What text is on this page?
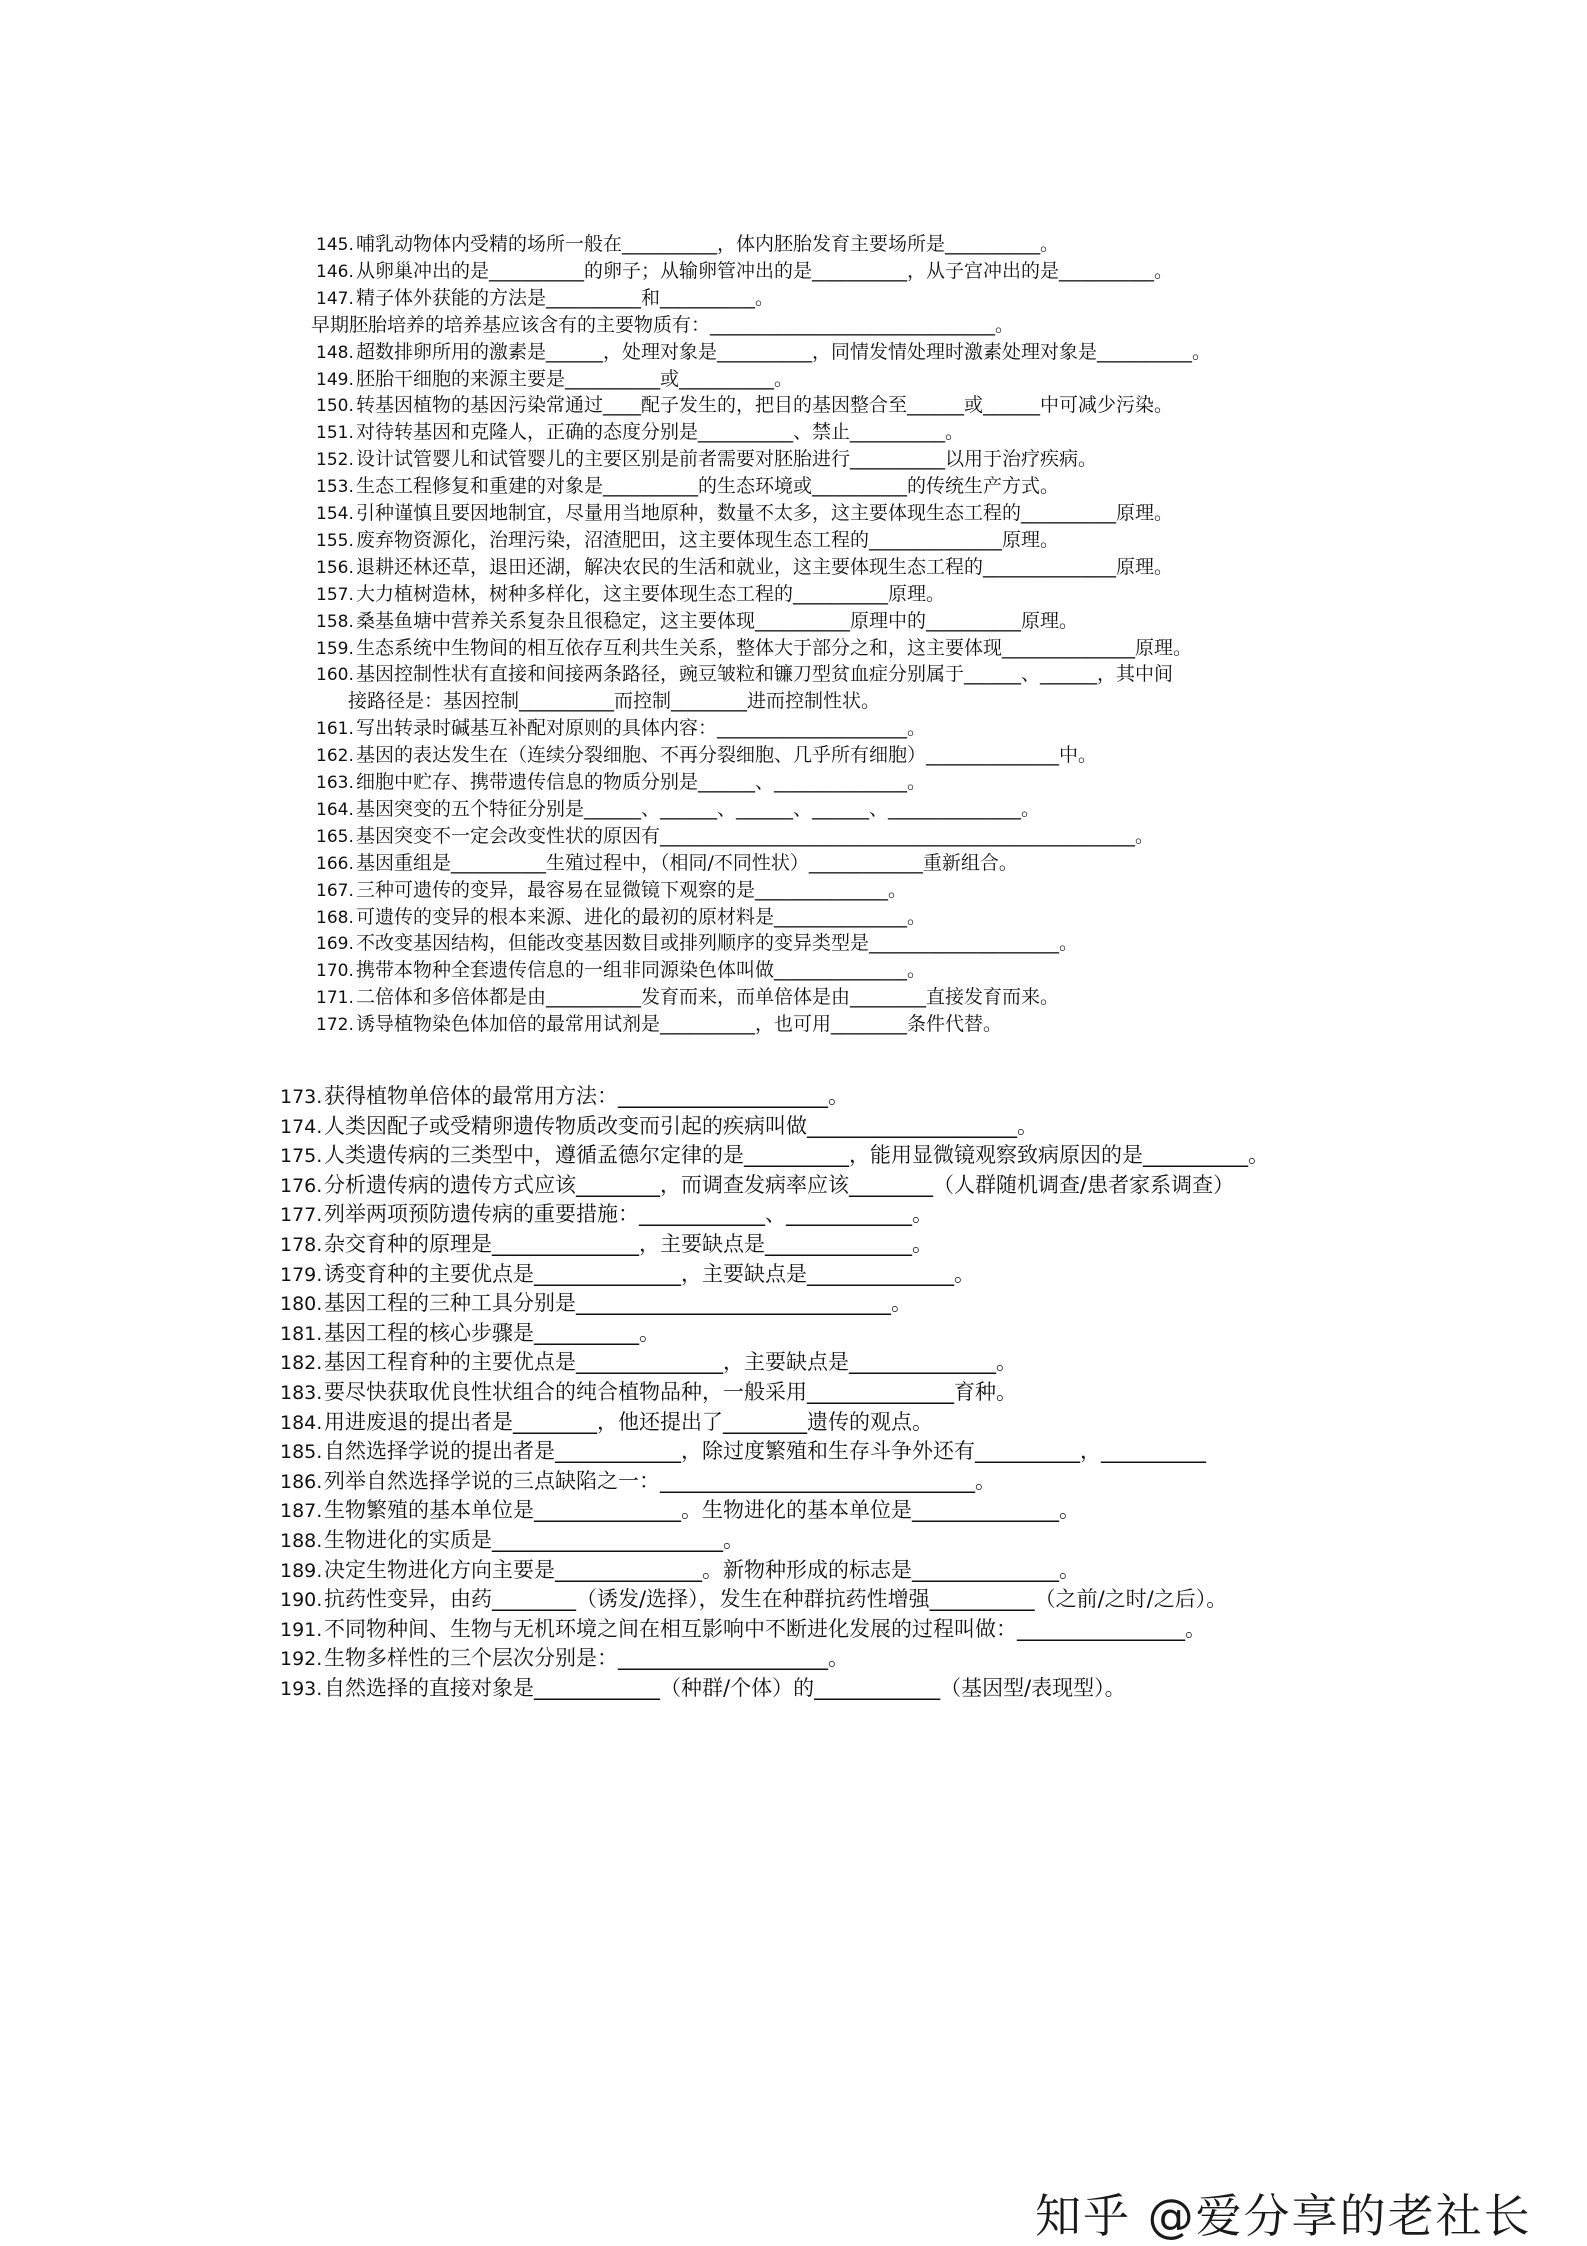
145. 哺乳动物体内受精的场所一般在__________，体内胚胎发育主要场所是__________。
146. 从卵巢冲出的是__________的卵子；从输卵管冲出的是__________，从子宫冲出的是__________。
147. 精子体外获能的方法是__________和__________。
早期胚胎培养的培养基应该含有的主要物质有：______________________________。
148. 超数排卵所用的激素是______，处理对象是__________，同情发情处理时激素处理对象是__________。
149. 胚胎干细胞的来源主要是__________或__________。
150. 转基因植物的基因污染常通过____配子发生的，把目的基因整合至______或______中可减少污染。
151. 对待转基因和克隆人，正确的态度分别是__________、禁止__________。
152. 设计试管婴儿和试管婴儿的主要区别是前者需要对胚胎进行__________以用于治疗疾病。
153. 生态工程修复和重建的对象是__________的生态环境或__________的传统生产方式。
154. 引种谨慎且要因地制宜，尽量用当地原种，数量不太多，这主要体现生态工程的__________原理。
155. 废弃物资源化，治理污染，沼渣肥田，这主要体现生态工程的______________原理。
156. 退耕还林还草，退田还湖，解决农民的生活和就业，这主要体现生态工程的______________原理。
157. 大力植树造林，树种多样化，这主要体现生态工程的__________原理。
158. 桑基鱼塘中营养关系复杂且很稳定，这主要体现__________原理中的__________原理。
159. 生态系统中生物间的相互依存互利共生关系，整体大于部分之和，这主要体现______________原理。
160. 基因控制性状有直接和间接两条路径，豌豆皱粒和镰刀型贫血症分别属于______、______，其中间
接路径是：基因控制__________而控制________进而控制性状。
161. 写出转录时碱基互补配对原则的具体内容：____________________。
162. 基因的表达发生在（连续分裂细胞、不再分裂细胞、几乎所有细胞）______________中。
163. 细胞中贮存、携带遗传信息的物质分别是______、______________。
164. 基因突变的五个特征分别是______、______、______、______、______________。
165. 基因突变不一定会改变性状的原因有__________________________________________________。
166. 基因重组是__________生殖过程中，（相同/不同性状）____________重新组合。
167. 三种可遗传的变异，最容易在显微镜下观察的是______________。
168. 可遗传的变异的根本来源、进化的最初的原材料是______________。
169. 不改变基因结构，但能改变基因数目或排列顺序的变异类型是____________________。
170. 携带本物种全套遗传信息的一组非同源染色体叫做______________。
171. 二倍体和多倍体都是由__________发育而来，而单倍体是由________直接发育而来。
172. 诱导植物染色体加倍的最常用试剂是__________，也可用________条件代替。
173.获得植物单倍体的最常用方法：____________________。
174.人类因配子或受精卵遗传物质改变而引起的疾病叫做____________________。
175.人类遗传病的三类型中，遵循孟德尔定律的是__________，能用显微镜观察致病原因的是__________。
176.分析遗传病的遗传方式应该________，而调查发病率应该________（人群随机调查/患者家系调查）
177.列举两项预防遗传病的重要措施：____________、____________。
178.杂交育种的原理是______________，主要缺点是______________。
179.诱变育种的主要优点是______________，主要缺点是______________。
180.基因工程的三种工具分别是______________________________。
181.基因工程的核心步骤是__________。
182.基因工程育种的主要优点是______________，主要缺点是______________。
183.要尽快获取优良性状组合的纯合植物品种，一般采用______________育种。
184.用进废退的提出者是________，他还提出了________遗传的观点。
185.自然选择学说的提出者是____________，除过度繁殖和生存斗争外还有__________，__________
186.列举自然选择学说的三点缺陷之一：______________________________。
187.生物繁殖的基本单位是______________。生物进化的基本单位是______________。
188.生物进化的实质是______________________。
189.决定生物进化方向主要是______________。新物种形成的标志是______________。
190.抗药性变异，由药________（诱发/选择），发生在种群抗药性增强__________（之前/之时/之后）。
191.不同物种间、生物与无机环境之间在相互影响中不断进化发展的过程叫做：________________。
192.生物多样性的三个层次分别是：____________________。
193.自然选择的直接对象是____________（种群/个体）的____________（基因型/表现型）。
知乎 @爱分享的老社长
